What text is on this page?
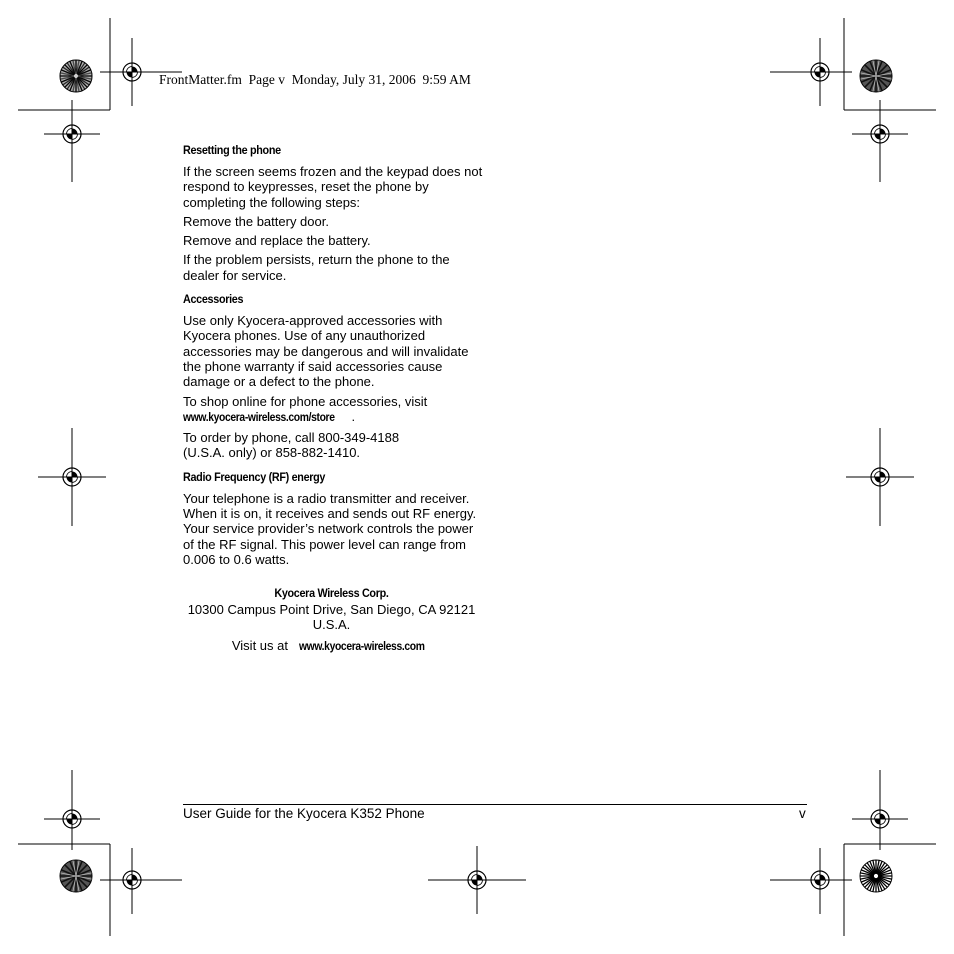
FrontMatter.fm  Page v  Monday, July 31, 2006  9:59 AM
Resetting the phone

If the screen seems frozen and the keypad does not respond to keypresses, reset the phone by completing the following steps:

Remove the battery door.

Remove and replace the battery.

If the problem persists, return the phone to the dealer for service.

Accessories

Use only Kyocera-approved accessories with Kyocera phones. Use of any unauthorized accessories may be dangerous and will invalidate the phone warranty if said accessories cause damage or a defect to the phone.

To shop online for phone accessories, visit
www.kyocera-wireless.com/store .

To order by phone, call 800-349-4188
(U.S.A. only) or 858-882-1410.

Radio Frequency (RF) energy

Your telephone is a radio transmitter and receiver. When it is on, it receives and sends out RF energy. Your service provider’s network controls the power of the RF signal. This power level can range from 0.006 to 0.6 watts.

Kyocera Wireless Corp.
10300 Campus Point Drive, San Diego, CA 92121
U.S.A.
Visit us at www.kyocera-wireless.com
User Guide for the Kyocera K352 Phone	v
